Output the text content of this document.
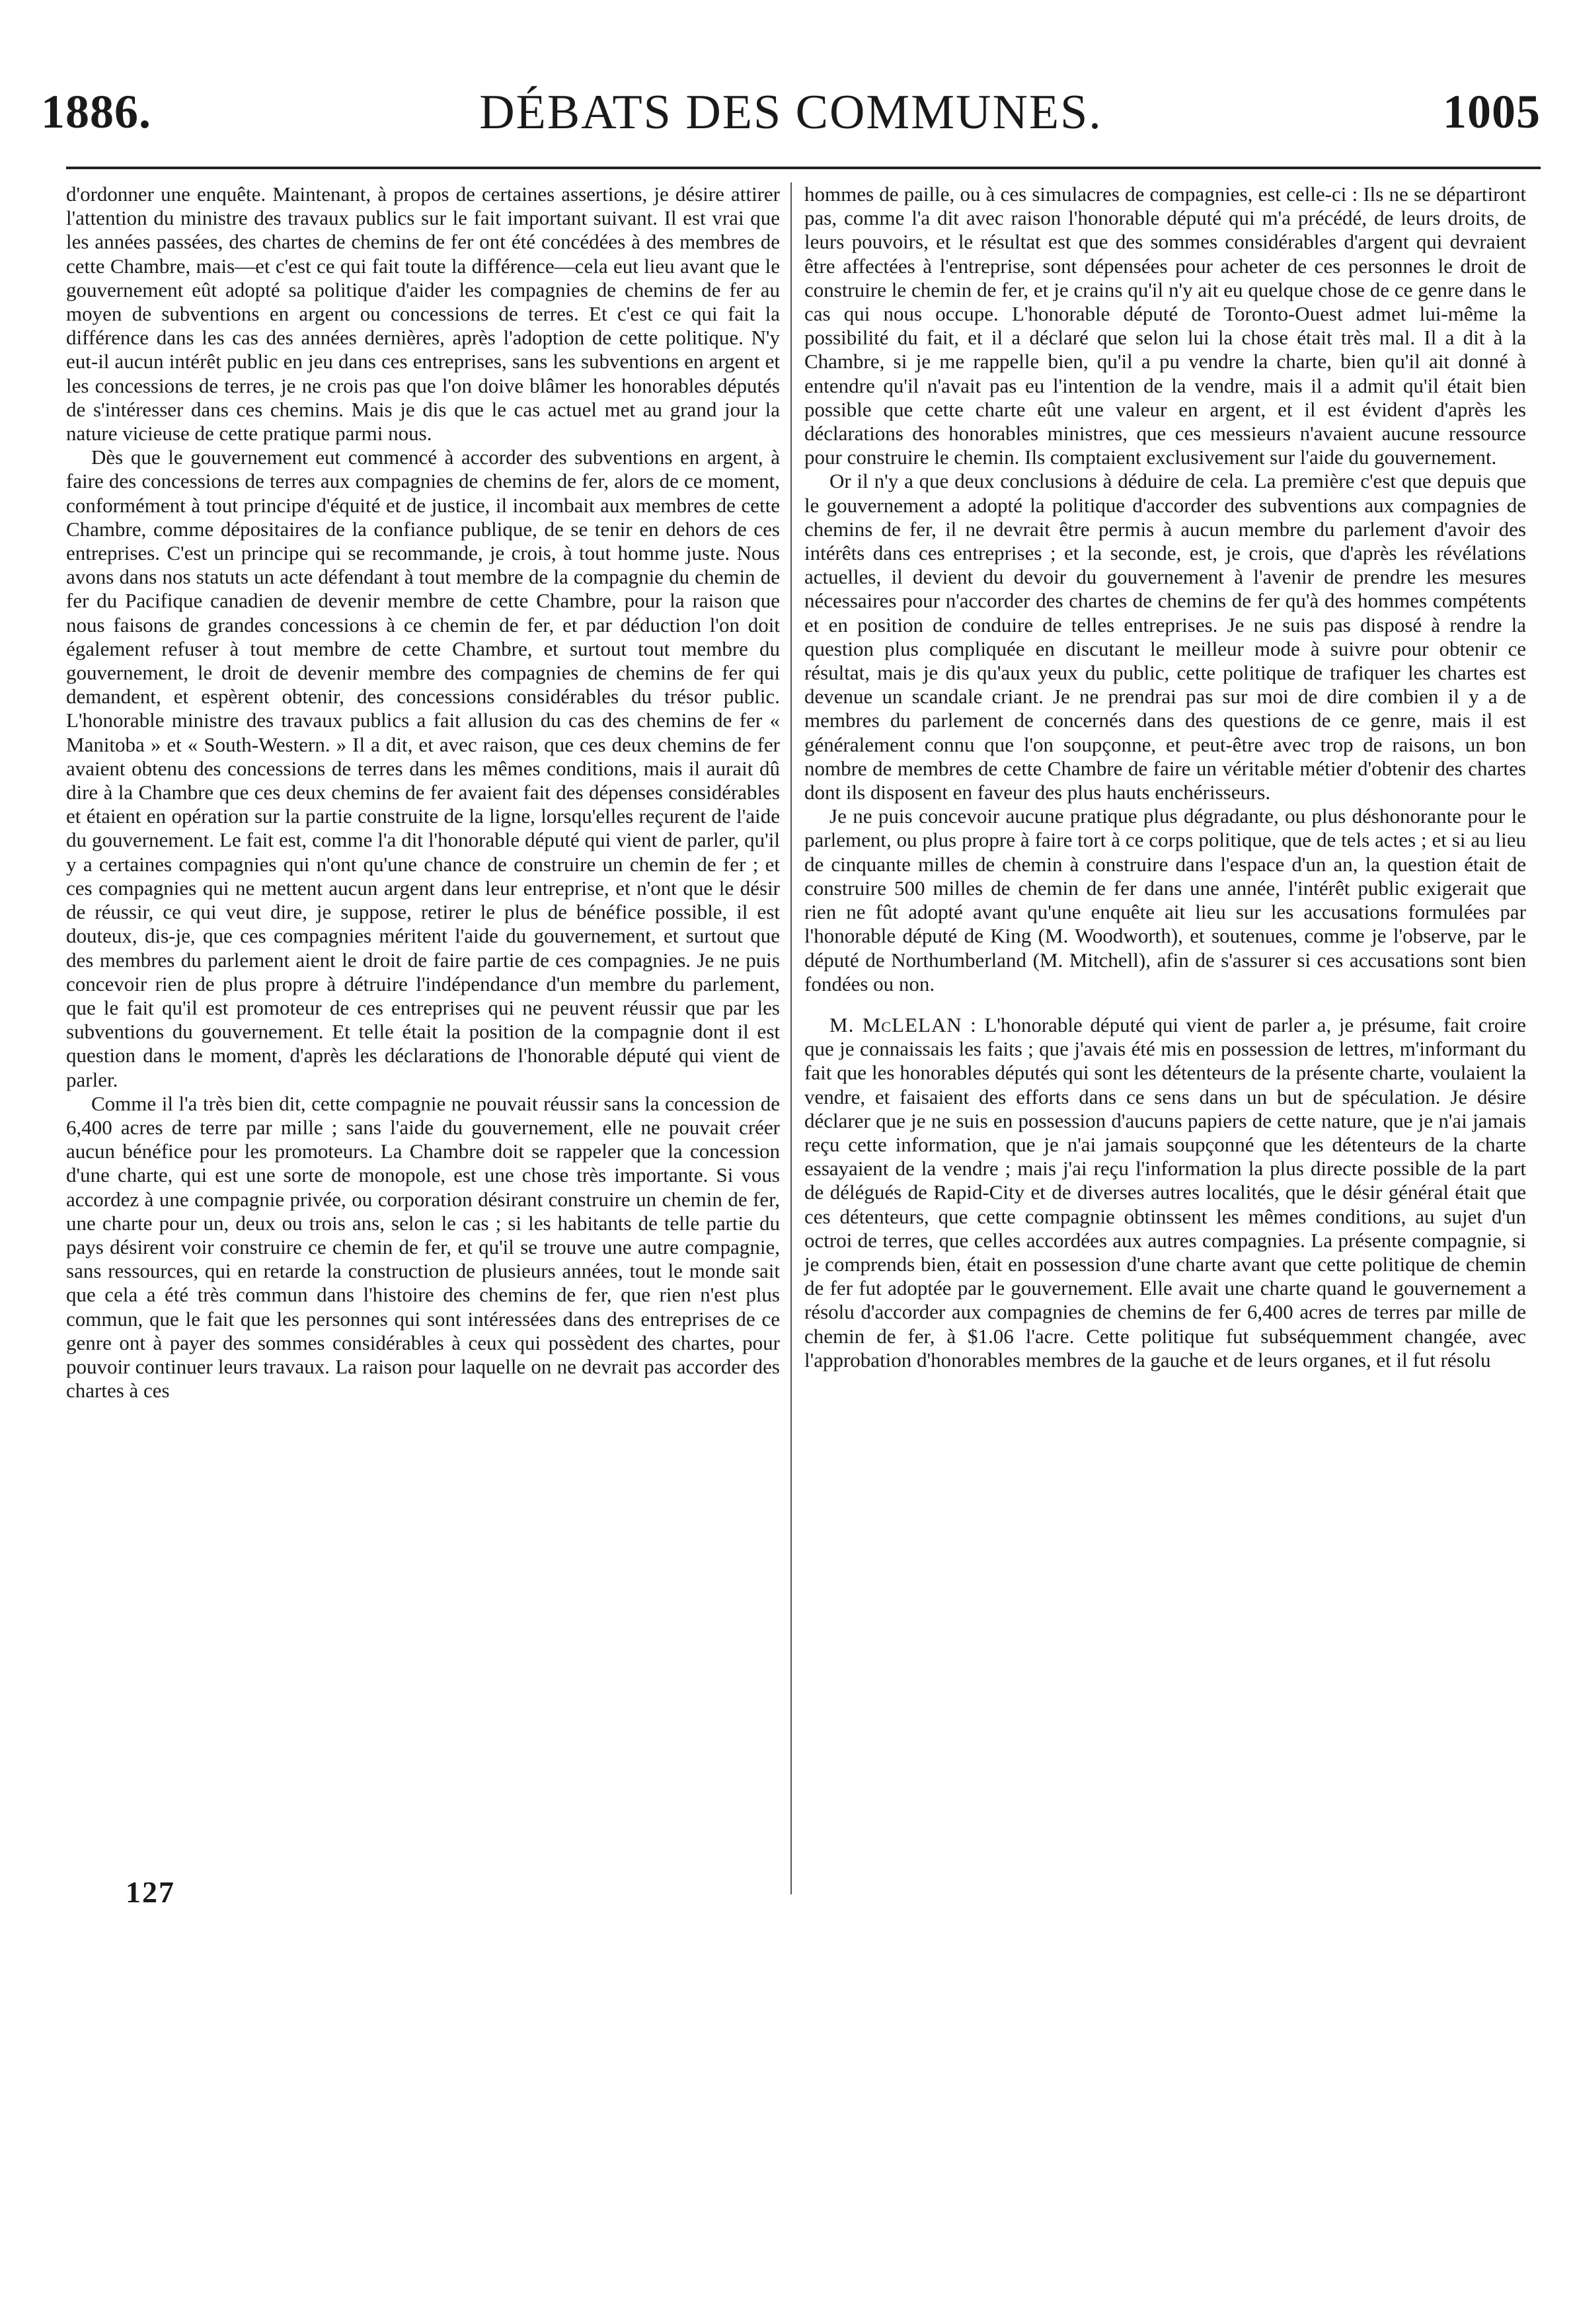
1886.	DÉBATS DES COMMUNES.	1005

d'ordonner une enquête. Maintenant, à propos de certaines assertions, je désire attirer l'attention du ministre des travaux publics sur le fait important suivant. Il est vrai que les années passées, des chartes de chemins de fer ont été concédées à des membres de cette Chambre, mais—et c'est ce qui fait toute la différence—cela eut lieu avant que le gouvernement eût adopté sa politique d'aider les compagnies de chemins de fer au moyen de subventions en argent ou concessions de terres. Et c'est ce qui fait la différence dans les cas des années dernières, après l'adoption de cette politique. N'y eut-il aucun intérêt public en jeu dans ces entreprises, sans les subventions en argent et les concessions de terres, je ne crois pas que l'on doive blâmer les honorables députés de s'intéresser dans ces chemins. Mais je dis que le cas actuel met au grand jour la nature vicieuse de cette pratique parmi nous.

Dès que le gouvernement eut commencé à accorder des subventions en argent, à faire des concessions de terres aux compagnies de chemins de fer, alors de ce moment, conformément à tout principe d'équité et de justice, il incombait aux membres de cette Chambre, comme dépositaires de la confiance publique, de se tenir en dehors de ces entreprises. C'est un principe qui se recommande, je crois, à tout homme juste. Nous avons dans nos statuts un acte défendant à tout membre de la compagnie du chemin de fer du Pacifique canadien de devenir membre de cette Chambre, pour la raison que nous faisons de grandes concessions à ce chemin de fer, et par déduction l'on doit également refuser à tout membre de cette Chambre, et surtout tout membre du gouvernement, le droit de devenir membre des compagnies de chemins de fer qui demandent, et espèrent obtenir, des concessions considérables du trésor public. L'honorable ministre des travaux publics a fait allusion du cas des chemins de fer « Manitoba » et « South-Western. » Il a dit, et avec raison, que ces deux chemins de fer avaient obtenu des concessions de terres dans les mêmes conditions, mais il aurait dû dire à la Chambre que ces deux chemins de fer avaient fait des dépenses considérables et étaient en opération sur la partie construite de la ligne, lorsqu'elles reçurent de l'aide du gouvernement. Le fait est, comme l'a dit l'honorable député qui vient de parler, qu'il y a certaines compagnies qui n'ont qu'une chance de construire un chemin de fer ; et ces compagnies qui ne mettent aucun argent dans leur entreprise, et n'ont que le désir de réussir, ce qui veut dire, je suppose, retirer le plus de bénéfice possible, il est douteux, dis-je, que ces compagnies méritent l'aide du gouvernement, et surtout que des membres du parlement aient le droit de faire partie de ces compagnies. Je ne puis concevoir rien de plus propre à détruire l'indépendance d'un membre du parlement, que le fait qu'il est promoteur de ces entreprises qui ne peuvent réussir que par les subventions du gouvernement. Et telle était la position de la compagnie dont il est question dans le moment, d'après les déclarations de l'honorable député qui vient de parler.

Comme il l'a très bien dit, cette compagnie ne pouvait réussir sans la concession de 6,400 acres de terre par mille ; sans l'aide du gouvernement, elle ne pouvait créer aucun bénéfice pour les promoteurs. La Chambre doit se rappeler que la concession d'une charte, qui est une sorte de monopole, est une chose très importante. Si vous accordez à une compagnie privée, ou corporation désirant construire un chemin de fer, une charte pour un, deux ou trois ans, selon le cas ; si les habitants de telle partie du pays désirent voir construire ce chemin de fer, et qu'il se trouve une autre compagnie, sans ressources, qui en retarde la construction de plusieurs années, tout le monde sait que cela a été très commun dans l'histoire des chemins de fer, que rien n'est plus commun, que le fait que les personnes qui sont intéressées dans des entreprises de ce genre ont à payer des sommes considérables à ceux qui possèdent des chartes, pour pouvoir continuer leurs travaux. La raison pour laquelle on ne devrait pas accorder des chartes à ces

hommes de paille, ou à ces simulacres de compagnies, est celle-ci : Ils ne se départiront pas, comme l'a dit avec raison l'honorable député qui m'a précédé, de leurs droits, de leurs pouvoirs, et le résultat est que des sommes considérables d'argent qui devraient être affectées à l'entreprise, sont dépensées pour acheter de ces personnes le droit de construire le chemin de fer, et je crains qu'il n'y ait eu quelque chose de ce genre dans le cas qui nous occupe. L'honorable député de Toronto-Ouest admet lui-même la possibilité du fait, et il a déclaré que selon lui la chose était très mal. Il a dit à la Chambre, si je me rappelle bien, qu'il a pu vendre la charte, bien qu'il ait donné à entendre qu'il n'avait pas eu l'intention de la vendre, mais il a admit qu'il était bien possible que cette charte eût une valeur en argent, et il est évident d'après les déclarations des honorables ministres, que ces messieurs n'avaient aucune ressource pour construire le chemin. Ils comptaient exclusivement sur l'aide du gouvernement.

Or il n'y a que deux conclusions à déduire de cela. La première c'est que depuis que le gouvernement a adopté la politique d'accorder des subventions aux compagnies de chemins de fer, il ne devrait être permis à aucun membre du parlement d'avoir des intérêts dans ces entreprises ; et la seconde, est, je crois, que d'après les révélations actuelles, il devient du devoir du gouvernement à l'avenir de prendre les mesures nécessaires pour n'accorder des chartes de chemins de fer qu'à des hommes compétents et en position de conduire de telles entreprises. Je ne suis pas disposé à rendre la question plus compliquée en discutant le meilleur mode à suivre pour obtenir ce résultat, mais je dis qu'aux yeux du public, cette politique de trafiquer les chartes est devenue un scandale criant. Je ne prendrai pas sur moi de dire combien il y a de membres du parlement de concernés dans des questions de ce genre, mais il est généralement connu que l'on soupçonne, et peut-être avec trop de raisons, un bon nombre de membres de cette Chambre de faire un véritable métier d'obtenir des chartes dont ils disposent en faveur des plus hauts enchérisseurs.

Je ne puis concevoir aucune pratique plus dégradante, ou plus déshonorante pour le parlement, ou plus propre à faire tort à ce corps politique, que de tels actes ; et si au lieu de cinquante milles de chemin à construire dans l'espace d'un an, la question était de construire 500 milles de chemin de fer dans une année, l'intérêt public exigerait que rien ne fût adopté avant qu'une enquête ait lieu sur les accusations formulées par l'honorable député de King (M. Woodworth), et soutenues, comme je l'observe, par le député de Northumberland (M. Mitchell), afin de s'assurer si ces accusations sont bien fondées ou non.

M. McLELAN : L'honorable député qui vient de parler a, je présume, fait croire que je connaissais les faits ; que j'avais été mis en possession de lettres, m'informant du fait que les honorables députés qui sont les détenteurs de la présente charte, voulaient la vendre, et faisaient des efforts dans ce sens dans un but de spéculation. Je désire déclarer que je ne suis en possession d'aucuns papiers de cette nature, que je n'ai jamais reçu cette information, que je n'ai jamais soupçonné que les détenteurs de la charte essayaient de la vendre ; mais j'ai reçu l'information la plus directe possible de la part de délégués de Rapid-City et de diverses autres localités, que le désir général était que ces détenteurs, que cette compagnie obtinssent les mêmes conditions, au sujet d'un octroi de terres, que celles accordées aux autres compagnies. La présente compagnie, si je comprends bien, était en possession d'une charte avant que cette politique de chemin de fer fut adoptée par le gouvernement. Elle avait une charte quand le gouvernement a résolu d'accorder aux compagnies de chemins de fer 6,400 acres de terres par mille de chemin de fer, à $1.06 l'acre. Cette politique fut subséquemment changée, avec l'approbation d'honorables membres de la gauche et de leurs organes, et il fut résolu

127
